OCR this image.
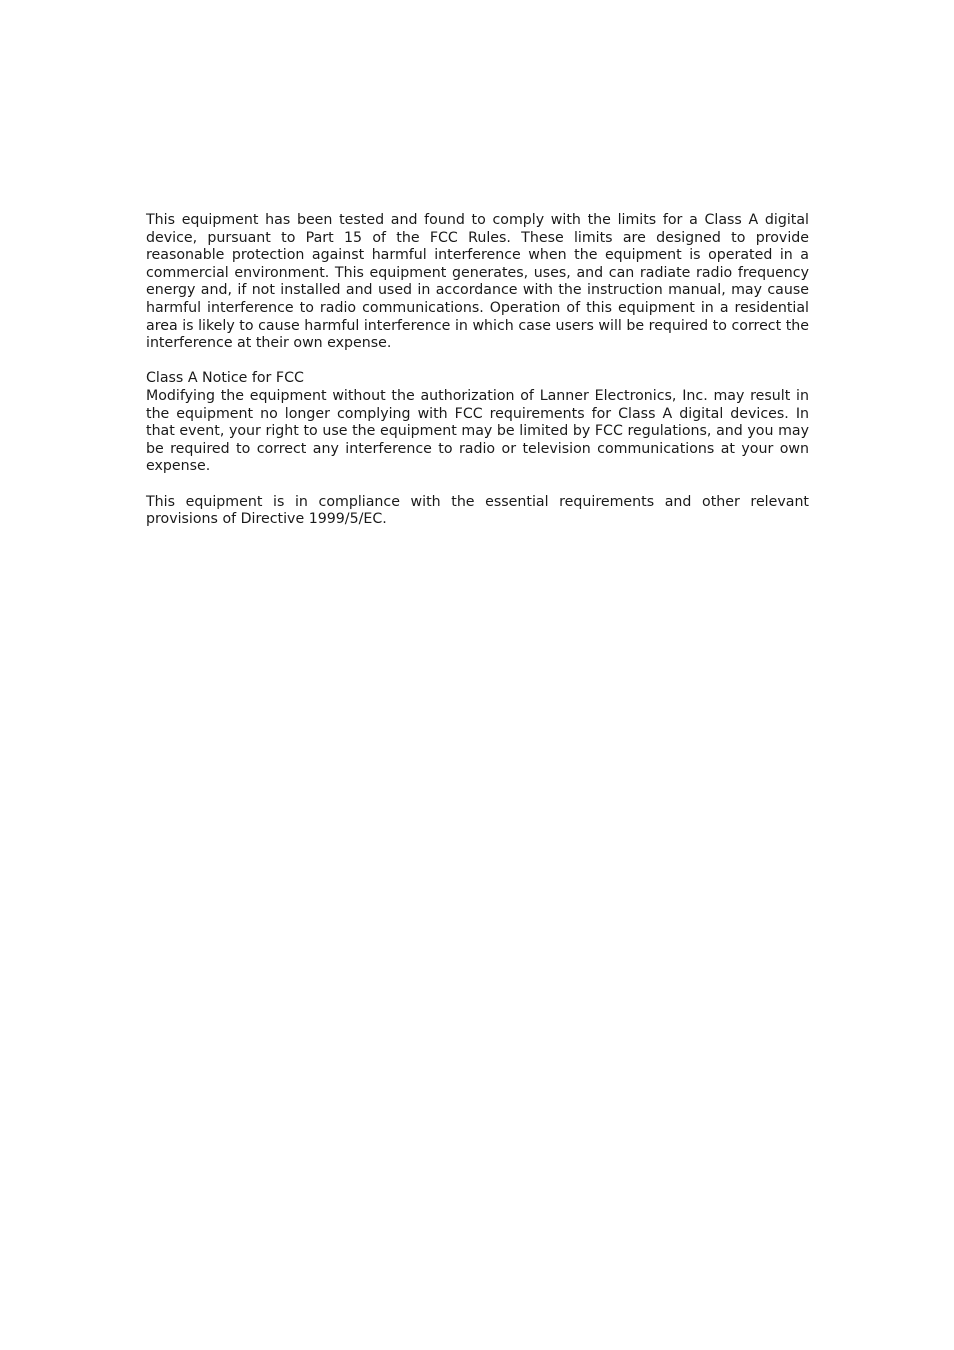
This equipment has been tested and found to comply with the limits for a Class A digital device, pursuant to Part 15 of the FCC Rules. These limits are designed to provide reasonable protection against harmful interference when the equipment is operated in a commercial environment. This equipment generates, uses, and can radiate radio frequency energy and, if not installed and used in accordance with the instruction manual, may cause harmful interference to radio communications. Operation of this equipment in a residential area is likely to cause harmful interference in which case users will be required to correct the interference at their own expense.

Class A Notice for FCC

Modifying the equipment without the authorization of Lanner Electronics, Inc. may result in the equipment no longer complying with FCC requirements for Class A digital devices. In that event, your right to use the equipment may be limited by FCC regulations, and you may be required to correct any interference to radio or television communications at your own expense.

This equipment is in compliance with the essential requirements and other relevant provisions of Directive 1999/5/EC.
